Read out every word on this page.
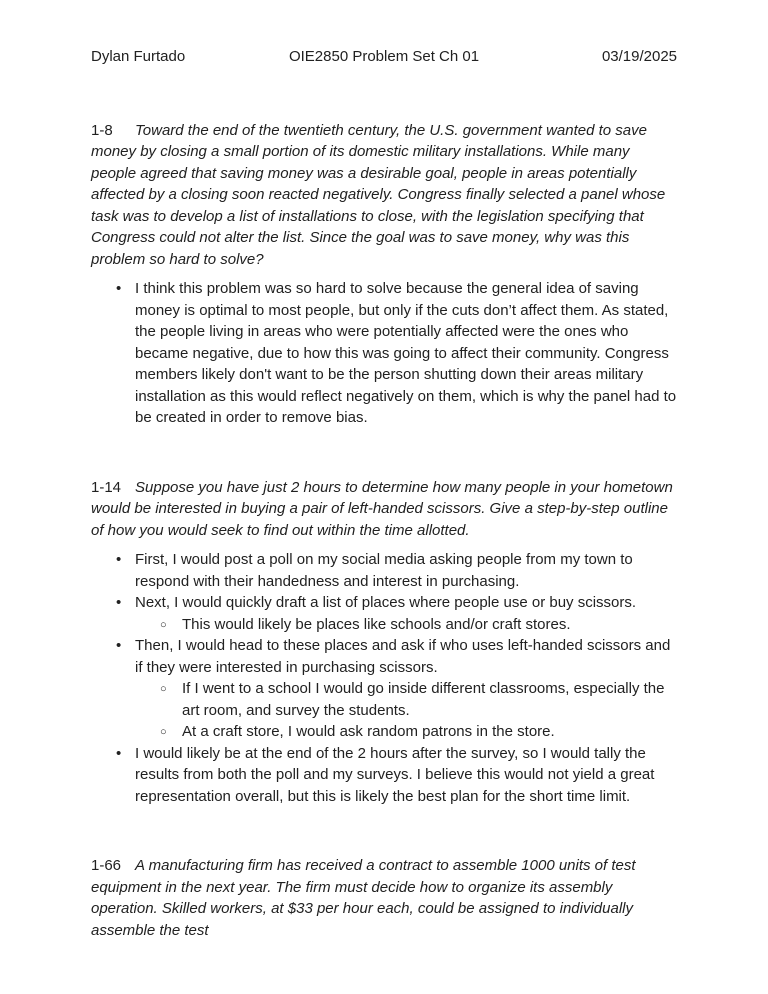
Dylan Furtado	OIE2850 Problem Set Ch 01	03/19/2025

1-8 Toward the end of the twentieth century, the U.S. government wanted to save money by closing a small portion of its domestic military installations. While many people agreed that saving money was a desirable goal, people in areas potentially affected by a closing soon reacted negatively. Congress finally selected a panel whose task was to develop a list of installations to close, with the legislation specifying that Congress could not alter the list. Since the goal was to save money, why was this problem so hard to solve?

• I think this problem was so hard to solve because the general idea of saving money is optimal to most people, but only if the cuts don’t affect them. As stated, the people living in areas who were potentially affected were the ones who became negative, due to how this was going to affect their community. Congress members likely don't want to be the person shutting down their areas military installation as this would reflect negatively on them, which is why the panel had to be created in order to remove bias.

1-14 Suppose you have just 2 hours to determine how many people in your hometown would be interested in buying a pair of left-handed scissors. Give a step-by-step outline of how you would seek to find out within the time allotted.

• First, I would post a poll on my social media asking people from my town to respond with their handedness and interest in purchasing.
• Next, I would quickly draft a list of places where people use or buy scissors.
○ This would likely be places like schools and/or craft stores.
• Then, I would head to these places and ask if who uses left-handed scissors and if they were interested in purchasing scissors.
○ If I went to a school I would go inside different classrooms, especially the art room, and survey the students.
○ At a craft store, I would ask random patrons in the store.
• I would likely be at the end of the 2 hours after the survey, so I would tally the results from both the poll and my surveys. I believe this would not yield a great representation overall, but this is likely the best plan for the short time limit.

1-66 A manufacturing firm has received a contract to assemble 1000 units of test equipment in the next year. The firm must decide how to organize its assembly operation. Skilled workers, at $33 per hour each, could be assigned to individually assemble the test
